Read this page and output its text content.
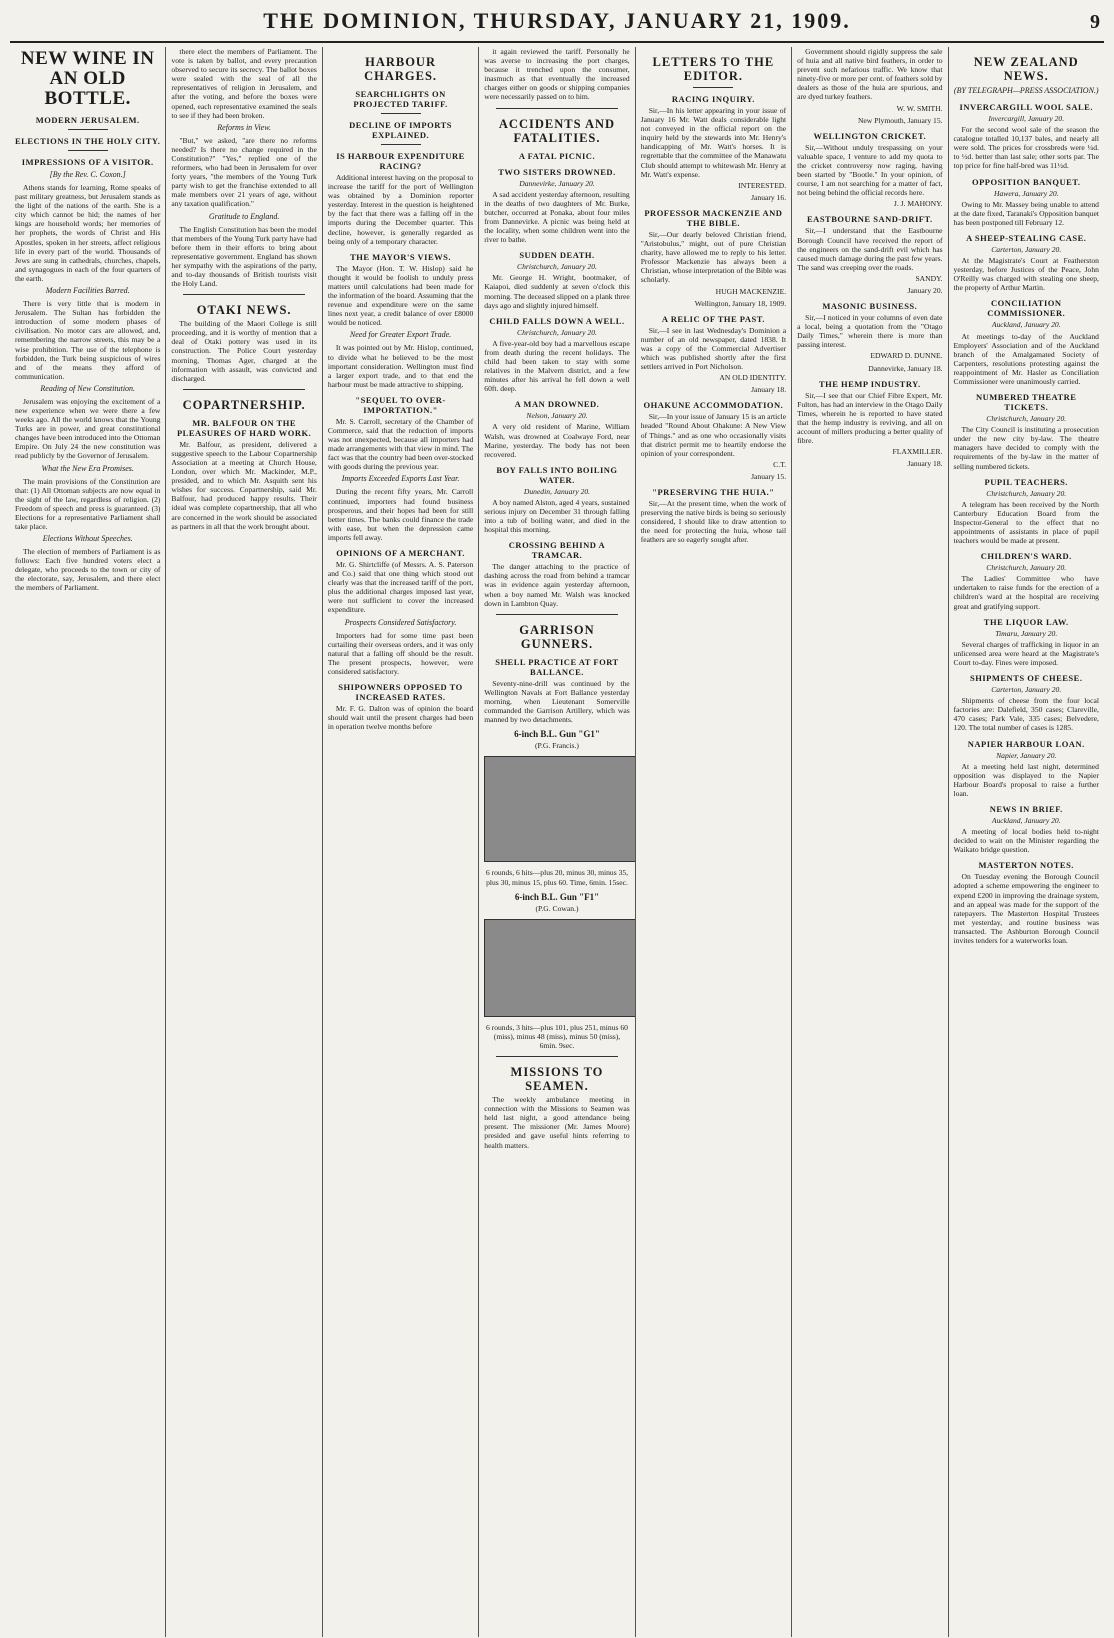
THE DOMINION, THURSDAY, JANUARY 21, 1909.	9
NEW WINE IN AN OLD BOTTLE.
MODERN JERUSALEM.
ELECTIONS IN THE HOLY CITY.
IMPRESSIONS OF A VISITOR.
[By the Rev. C. Coxon.]

Athens stands for learning, Rome speaks of past military greatness, but Jerusalem stands as the light of the nations of the earth. She is a city which cannot be hid; the names of her kings are household words; her memories of her prophets, the words of Christ and His Apostles, spoken in her streets, affect religious life in every part of the world. Thousands of Jews are sung in cathedrals, churches, chapels, and synagogues in each of the four quarters of the earth.

Modern Facilities Barred.

There is very little that is modern in Jerusalem. The Sultan has forbidden the introduction of some modern phases of civilisation. No motor cars are allowed, and, remembering the narrow streets, this may be a wise prohibition. The use of the telephone is forbidden, the Turk being suspicious of wires and of the means they afford of communication.

Reading of New Constitution.

Jerusalem was enjoying the excitement of a new experience when we were there a few weeks ago. All the world knows that the Young Turks are in power, and great constitutional changes have been introduced into the Ottoman Empire. On July 24 the new constitution was read publicly by the Governor of Jerusalem.

What the New Era Promises.

The main provisions of the Constitution are that: (1) All Ottoman subjects are now equal in the sight of the law, regardless of religion. (2) Freedom of speech and press is guaranteed. (3) Elections for a representative Parliament shall take place.

Elections Without Speeches.

The election of members of Parliament is as follows: Each five hundred voters elect a delegate, who proceeds to the town or city of the electorate, say, Jerusalem, and there elect the members of Parliament.

there elect the members of Parliament. The vote is taken by ballot, and every precaution observed to secure its secrecy. The ballot boxes were sealed with the seal of all the representatives of religion in Jerusalem, and after the voting, and before the boxes were opened, each representative examined the seals to see if they had been broken.

Reforms in View.

"But," we asked, "are there no reforms needed? Is there no change required in the Constitution?" "Yes," replied one of the reformers, who had been in Jerusalem for over forty years, "the members of the Young Turk party wish to get the franchise extended to all male members over 21 years of age, without any taxation qualification."

Gratitude to England.

The English Constitution has been the model that members of the Young Turk party have had before them in their efforts to bring about representative government. England has shown her sympathy with the aspirations of the party, and to-day thousands of British tourists visit the Holy Land.

OTAKI NEWS.

The building of the Maori College is still proceeding, and it is worthy of mention that a deal of Otaki pottery was used in its construction. The Police Court yesterday morning, Thomas Ager, charged at the information with assault, was convicted and discharged.

COPARTNERSHIP.
MR. BALFOUR ON THE PLEASURES OF HARD WORK.

Mr. Balfour, as president, delivered a suggestive speech to the Labour Copartnership Association at a meeting at Church House, London, over which Mr. Mackinder, M.P., presided, and to which Mr. Asquith sent his wishes for success. Copartnership, said Mr. Balfour, had produced happy results. Their ideal was complete copartnership, that all who are concerned in the work should be associated as partners in all that the work brought about.

HARBOUR CHARGES.
SEARCHLIGHTS ON PROJECTED TARIFF.
DECLINE OF IMPORTS EXPLAINED.
IS HARBOUR EXPENDITURE RACING?

Additional interest having on the proposal to increase the tariff for the port of Wellington was obtained by a Dominion reporter yesterday. Interest in the question is heightened by the fact that there was a falling off in the imports during the December quarter. This decline, however, is generally regarded as being only of a temporary character.

THE MAYOR'S VIEWS.

The Mayor (Hon. T. W. Hislop) said he thought it would be foolish to unduly press matters until calculations had been made for the information of the board. Assuming that the revenue and expenditure were on the same lines next year, a credit balance of over £8000 would be noticed.

Need for Greater Export Trade.

It was pointed out by Mr. Hislop, continued, to divide what he believed to be the most important consideration. Wellington must find a larger export trade, and to that end the harbour must be made attractive to shipping.

"SEQUEL TO OVER-IMPORTATION."

Mr. S. Carroll, secretary of the Chamber of Commerce, said that the reduction of imports was not unexpected, because all importers had made arrangements with that view in mind. The fact was that the country had been over-stocked with goods during the previous year.

Imports Exceeded Exports Last Year.

During the recent fifty years, Mr. Carroll continued, importers had found business prosperous, and their hopes had been for still better times. The banks could finance the trade with ease, but when the depression came imports fell away.

OPINIONS OF A MERCHANT.

Mr. G. Shirtcliffe (of Messrs. A. S. Paterson and Co.) said that one thing which stood out clearly was that the increased tariff of the port, plus the additional charges imposed last year, were not sufficient to cover the increased expenditure.

Prospects Considered Satisfactory.

Importers had for some time past been curtailing their overseas orders, and it was only natural that a falling off should be the result. The present prospects, however, were considered satisfactory.

SHIPOWNERS OPPOSED TO INCREASED RATES.

Mr. F. G. Dalton was of opinion the board should wait until the present charges had been in operation twelve months before

it again reviewed the tariff. Personally he was averse to increasing the port charges, because it trenched upon the consumer, inasmuch as that eventually the increased charges either on goods or shipping companies were necessarily passed on to him.

ACCIDENTS AND FATALITIES.
A FATAL PICNIC.
TWO SISTERS DROWNED.
Dannevirke, January 20.

A sad accident yesterday afternoon, resulting in the deaths of two daughters of Mr. Burke, butcher, occurred at Ponaka, about four miles from Dannevirke. A picnic was being held at the locality, when some children went into the river to bathe.

SUDDEN DEATH.
Christchurch, January 20.

Mr. George H. Wright, bootmaker, of Kaiapoi, died suddenly at seven o'clock this morning. The deceased slipped on a plank three days ago and slightly injured himself.

CHILD FALLS DOWN A WELL.
Christchurch, January 20.

A five-year-old boy had a marvellous escape from death during the recent holidays. The child had been taken to stay with some relatives in the Malvern district, and a few minutes after his arrival he fell down a well 60ft. deep.

A MAN DROWNED.
Nelson, January 20.

A very old resident of Marine, William Walsh, was drowned at Coalwaye Ford, near Marine, yesterday. The body has not been recovered.

BOY FALLS INTO BOILING WATER.
Dunedin, January 20.

A boy named Alston, aged 4 years, sustained serious injury on December 31 through falling into a tub of boiling water, and died in the hospital this morning.

CROSSING BEHIND A TRAMCAR.

The danger attaching to the practice of dashing across the road from behind a tramcar was in evidence again yesterday afternoon, when a boy named Mr. Walsh was knocked down in Lambton Quay.

GARRISON GUNNERS.
SHELL PRACTICE AT FORT BALLANCE.

Seventy-nine-drill was continued by the Wellington Navals at Fort Ballance yesterday morning, when Lieutenant Somerville commanded the Garrison Artillery, which was manned by two detachments.

6-inch B.L. Gun "G1"
(P.G. Francis.)
6 rounds, 6 hits—plus 20, minus 30, minus 35, plus 30, minus 15, plus 60. Time, 6min. 15sec.
6-inch B.L. Gun "F1"
(P.G. Cowan.)
6 rounds, 3 hits—plus 101, plus 251, minus 60 (miss), minus 48 (miss), minus 50 (miss), 6min. 9sec.
MISSIONS TO SEAMEN.

The weekly ambulance meeting in connection with the Missions to Seamen was held last night, a good attendance being present. The missioner (Mr. James Moore) presided and gave useful hints referring to health matters.

LETTERS TO THE EDITOR.
RACING INQUIRY.

Sir,—In his letter appearing in your issue of January 16 Mr. Watt deals considerable light not conveyed in the official report on the inquiry held by the stewards into Mr. Henry's handicapping of Mr. Watt's horses. It is regrettable that the committee of the Manawatu Club should attempt to whitewash Mr. Henry at Mr. Watt's expense.

INTERESTED.
January 16.
PROFESSOR MACKENZIE AND THE BIBLE.

Sir,—Our dearly beloved Christian friend, "Aristobulus," might, out of pure Christian charity, have allowed me to reply to his letter. Professor Mackenzie has always been a Christian, whose interpretation of the Bible was scholarly.

HUGH MACKENZIE.
Wellington, January 18, 1909.
A RELIC OF THE PAST.

Sir,—I see in last Wednesday's Dominion a number of an old newspaper, dated 1838. It was a copy of the Commercial Advertiser which was published shortly after the first settlers arrived in Port Nicholson.

AN OLD IDENTITY.
January 18.
OHAKUNE ACCOMMODATION.

Sir,—In your issue of January 15 is an article headed "Round About Ohakune: A New View of Things." and as one who occasionally visits that district permit me to heartily endorse the opinion of your correspondent.

C.T.
January 15.
"PRESERVING THE HUIA."

Sir,—At the present time, when the work of preserving the native birds is being so seriously considered, I should like to draw attention to the need for protecting the huia, whose tail feathers are so eagerly sought after.

Government should rigidly suppress the sale of huia and all native bird feathers, in order to prevent such nefarious traffic. We know that ninety-five or more per cent. of feathers sold by dealers as those of the huia are spurious, and are dyed turkey feathers.

W. W. SMITH.
New Plymouth, January 15.
WELLINGTON CRICKET.

Sir,—Without unduly trespassing on your valuable space, I venture to add my quota to the cricket controversy now raging, having been started by "Bootle." In your opinion, of course, I am not searching for a matter of fact, not being behind the official records here.

J. J. MAHONY.
EASTBOURNE SAND-DRIFT.

Sir,—I understand that the Eastbourne Borough Council have received the report of the engineers on the sand-drift evil which has caused much damage during the past few years. The sand was creeping over the roads.

SANDY.
January 20.
MASONIC BUSINESS.

Sir,—I noticed in your columns of even date a local, being a quotation from the "Otago Daily Times," wherein there is more than passing interest.

EDWARD D. DUNNE.
Dannevirke, January 18.
THE HEMP INDUSTRY.

Sir,—I see that our Chief Fibre Expert, Mr. Fulton, has had an interview in the Otago Daily Times, wherein he is reported to have stated that the hemp industry is reviving, and all on account of millers producing a better quality of fibre.

FLAXMILLER.
January 18.
NEW ZEALAND NEWS.
(BY TELEGRAPH—PRESS ASSOCIATION.)
INVERCARGILL WOOL SALE.
Invercargill, January 20.

For the second wool sale of the season the catalogue totalled 10,137 bales, and nearly all were sold. The prices for crossbreds were ¼d. to ½d. better than last sale; other sorts par. The top price for fine half-bred was 11½d.

OPPOSITION BANQUET.
Hawera, January 20.

Owing to Mr. Massey being unable to attend at the date fixed, Taranaki's Opposition banquet has been postponed till February 12.

A SHEEP-STEALING CASE.
Carterton, January 20.

At the Magistrate's Court at Featherston yesterday, before Justices of the Peace, John O'Reilly was charged with stealing one sheep, the property of Arthur Martin.

CONCILIATION COMMISSIONER.
Auckland, January 20.

At meetings to-day of the Auckland Employers' Association and of the Auckland branch of the Amalgamated Society of Carpenters, resolutions protesting against the reappointment of Mr. Hasler as Conciliation Commissioner were unanimously carried.

NUMBERED THEATRE TICKETS.
Christchurch, January 20.

The City Council is instituting a prosecution under the new city by-law. The theatre managers have decided to comply with the requirements of the by-law in the matter of selling numbered tickets.

PUPIL TEACHERS.
Christchurch, January 20.

A telegram has been received by the North Canterbury Education Board from the Inspector-General to the effect that no appointments of assistants in place of pupil teachers would be made at present.

CHILDREN'S WARD.
Christchurch, January 20.

The Ladies' Committee who have undertaken to raise funds for the erection of a children's ward at the hospital are receiving great and gratifying support.

THE LIQUOR LAW.
Timaru, January 20.

Several charges of trafficking in liquor in an unlicensed area were heard at the Magistrate's Court to-day. Fines were imposed.

SHIPMENTS OF CHEESE.
Carterton, January 20.

Shipments of cheese from the four local factories are: Dalefield, 350 cases; Clareville, 470 cases; Park Vale, 335 cases; Belvedere, 120. The total number of cases is 1285.

NAPIER HARBOUR LOAN.
Napier, January 20.

At a meeting held last night, determined opposition was displayed to the Napier Harbour Board's proposal to raise a further loan.

NEWS IN BRIEF.
Auckland, January 20.

A meeting of local bodies held to-night decided to wait on the Minister regarding the Waikato bridge question.

MASTERTON NOTES.

On Tuesday evening the Borough Council adopted a scheme empowering the engineer to expend £200 in improving the drainage system, and an appeal was made for the support of the ratepayers. The Masterton Hospital Trustees met yesterday, and routine business was transacted. The Ashburton Borough Council invites tenders for a waterworks loan.
